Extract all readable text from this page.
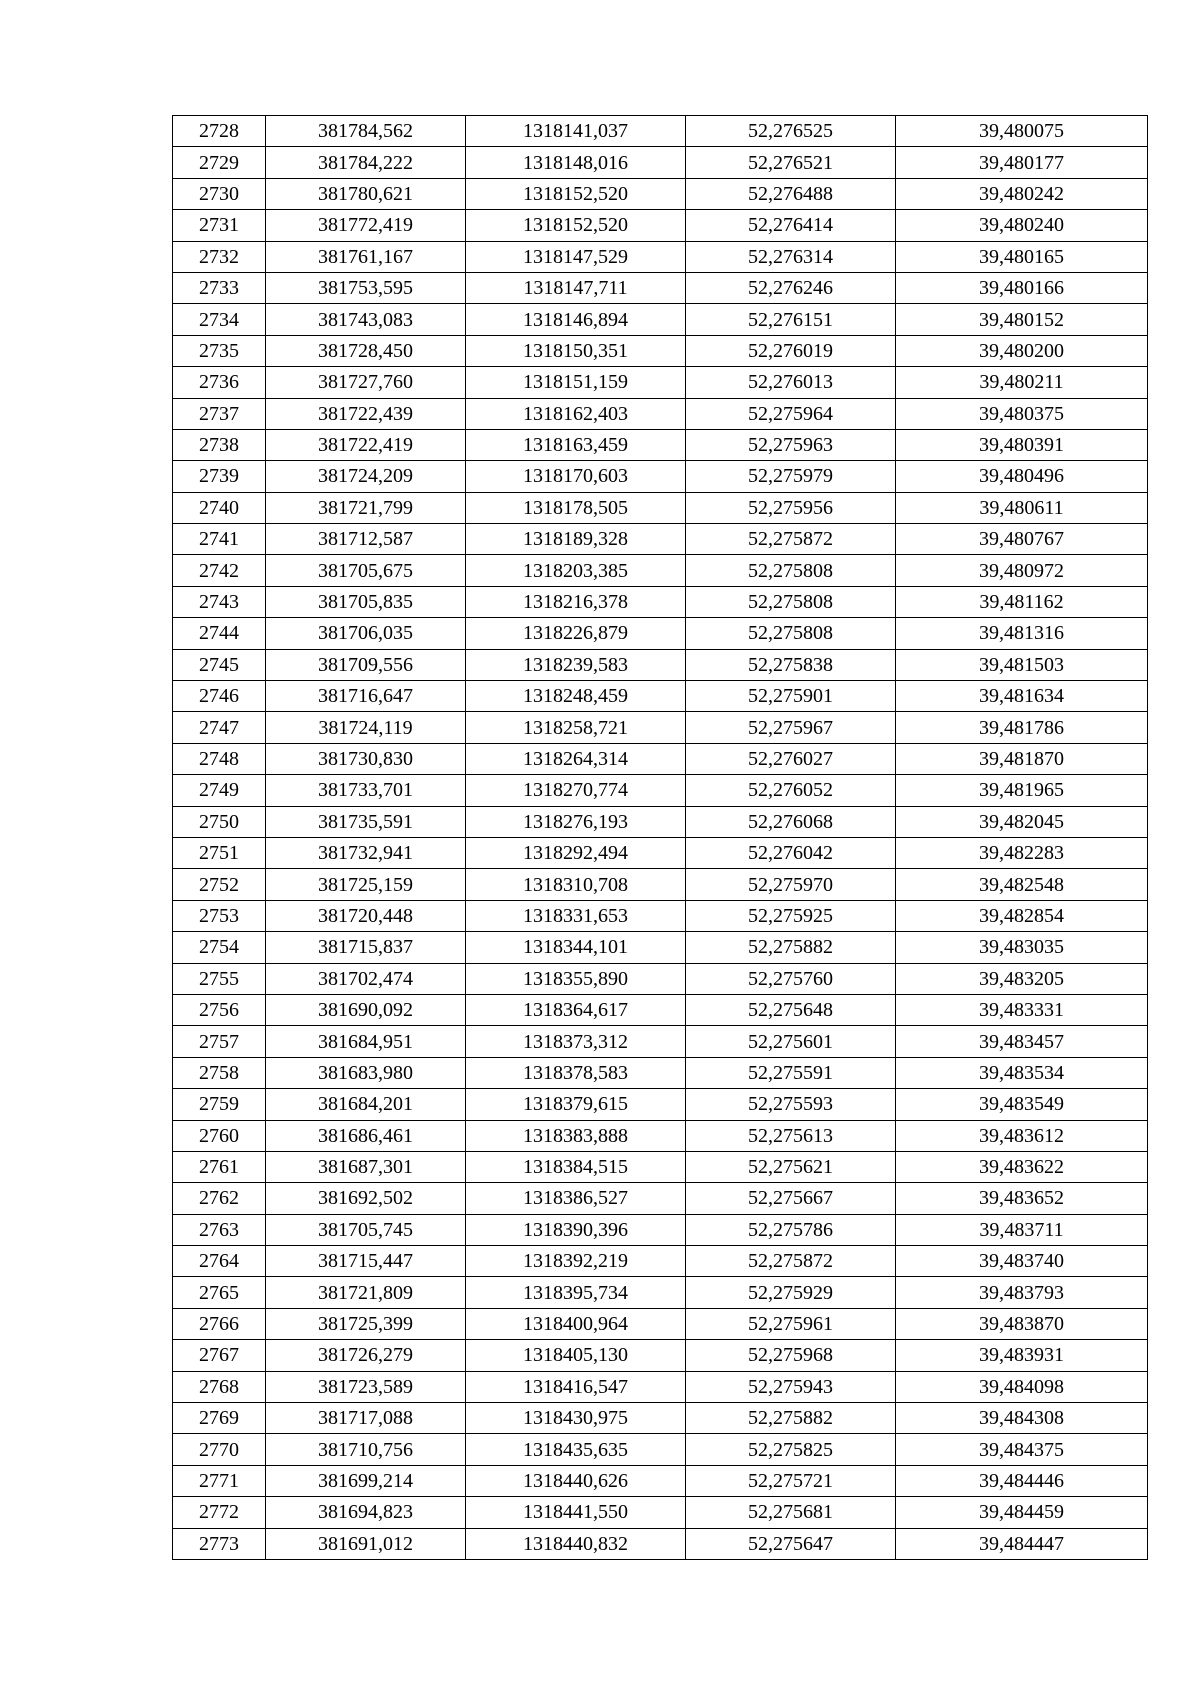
2728	381784,562	1318141,037	52,276525	39,480075
2729	381784,222	1318148,016	52,276521	39,480177
2730	381780,621	1318152,520	52,276488	39,480242
2731	381772,419	1318152,520	52,276414	39,480240
2732	381761,167	1318147,529	52,276314	39,480165
2733	381753,595	1318147,711	52,276246	39,480166
2734	381743,083	1318146,894	52,276151	39,480152
2735	381728,450	1318150,351	52,276019	39,480200
2736	381727,760	1318151,159	52,276013	39,480211
2737	381722,439	1318162,403	52,275964	39,480375
2738	381722,419	1318163,459	52,275963	39,480391
2739	381724,209	1318170,603	52,275979	39,480496
2740	381721,799	1318178,505	52,275956	39,480611
2741	381712,587	1318189,328	52,275872	39,480767
2742	381705,675	1318203,385	52,275808	39,480972
2743	381705,835	1318216,378	52,275808	39,481162
2744	381706,035	1318226,879	52,275808	39,481316
2745	381709,556	1318239,583	52,275838	39,481503
2746	381716,647	1318248,459	52,275901	39,481634
2747	381724,119	1318258,721	52,275967	39,481786
2748	381730,830	1318264,314	52,276027	39,481870
2749	381733,701	1318270,774	52,276052	39,481965
2750	381735,591	1318276,193	52,276068	39,482045
2751	381732,941	1318292,494	52,276042	39,482283
2752	381725,159	1318310,708	52,275970	39,482548
2753	381720,448	1318331,653	52,275925	39,482854
2754	381715,837	1318344,101	52,275882	39,483035
2755	381702,474	1318355,890	52,275760	39,483205
2756	381690,092	1318364,617	52,275648	39,483331
2757	381684,951	1318373,312	52,275601	39,483457
2758	381683,980	1318378,583	52,275591	39,483534
2759	381684,201	1318379,615	52,275593	39,483549
2760	381686,461	1318383,888	52,275613	39,483612
2761	381687,301	1318384,515	52,275621	39,483622
2762	381692,502	1318386,527	52,275667	39,483652
2763	381705,745	1318390,396	52,275786	39,483711
2764	381715,447	1318392,219	52,275872	39,483740
2765	381721,809	1318395,734	52,275929	39,483793
2766	381725,399	1318400,964	52,275961	39,483870
2767	381726,279	1318405,130	52,275968	39,483931
2768	381723,589	1318416,547	52,275943	39,484098
2769	381717,088	1318430,975	52,275882	39,484308
2770	381710,756	1318435,635	52,275825	39,484375
2771	381699,214	1318440,626	52,275721	39,484446
2772	381694,823	1318441,550	52,275681	39,484459
2773	381691,012	1318440,832	52,275647	39,484447
